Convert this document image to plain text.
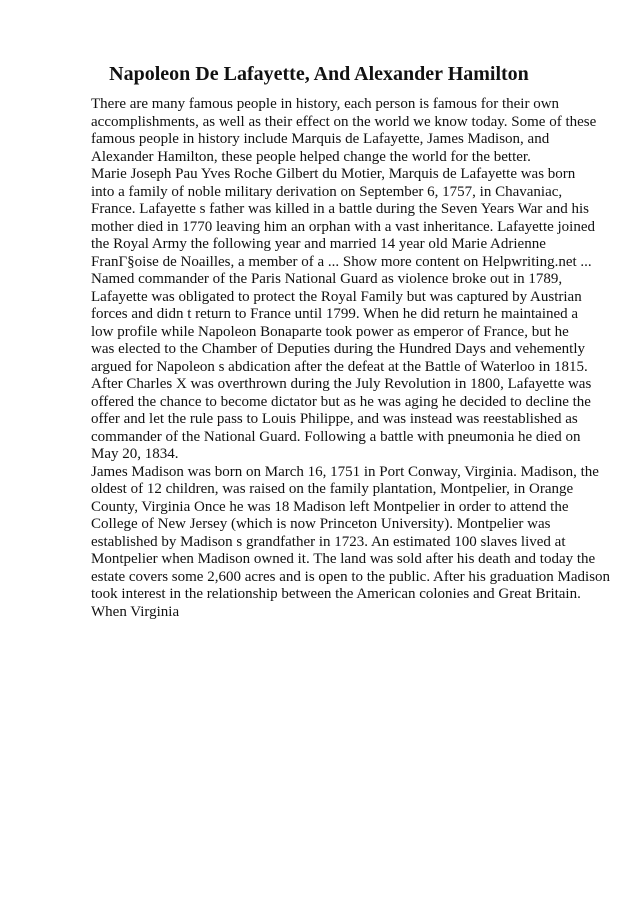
Napoleon De Lafayette, And Alexander Hamilton
There are many famous people in history, each person is famous for their own
accomplishments, as well as their effect on the world we know today. Some of these
famous people in history include Marquis de Lafayette, James Madison, and
Alexander Hamilton, these people helped change the world for the better.
Marie Joseph Pau Yves Roche Gilbert du Motier, Marquis de Lafayette was born
into a family of noble military derivation on September 6, 1757, in Chavaniac,
France. Lafayette s father was killed in a battle during the Seven Years War and his
mother died in 1770 leaving him an orphan with a vast inheritance. Lafayette joined
the Royal Army the following year and married 14 year old Marie Adrienne
FranГ§oise de Noailles, a member of a ... Show more content on Helpwriting.net ...
Named commander of the Paris National Guard as violence broke out in 1789,
Lafayette was obligated to protect the Royal Family but was captured by Austrian
forces and didn t return to France until 1799. When he did return he maintained a
low profile while Napoleon Bonaparte took power as emperor of France, but he
was elected to the Chamber of Deputies during the Hundred Days and vehemently
argued for Napoleon s abdication after the defeat at the Battle of Waterloo in 1815.
After Charles X was overthrown during the July Revolution in 1800, Lafayette was
offered the chance to become dictator but as he was aging he decided to decline the
offer and let the rule pass to Louis Philippe, and was instead was reestablished as
commander of the National Guard. Following a battle with pneumonia he died on
May 20, 1834.
James Madison was born on March 16, 1751 in Port Conway, Virginia. Madison, the
oldest of 12 children, was raised on the family plantation, Montpelier, in Orange
County, Virginia Once he was 18 Madison left Montpelier in order to attend the
College of New Jersey (which is now Princeton University). Montpelier was
established by Madison s grandfather in 1723. An estimated 100 slaves lived at
Montpelier when Madison owned it. The land was sold after his death and today the
estate covers some 2,600 acres and is open to the public. After his graduation Madison
took interest in the relationship between the American colonies and Great Britain.
When Virginia
